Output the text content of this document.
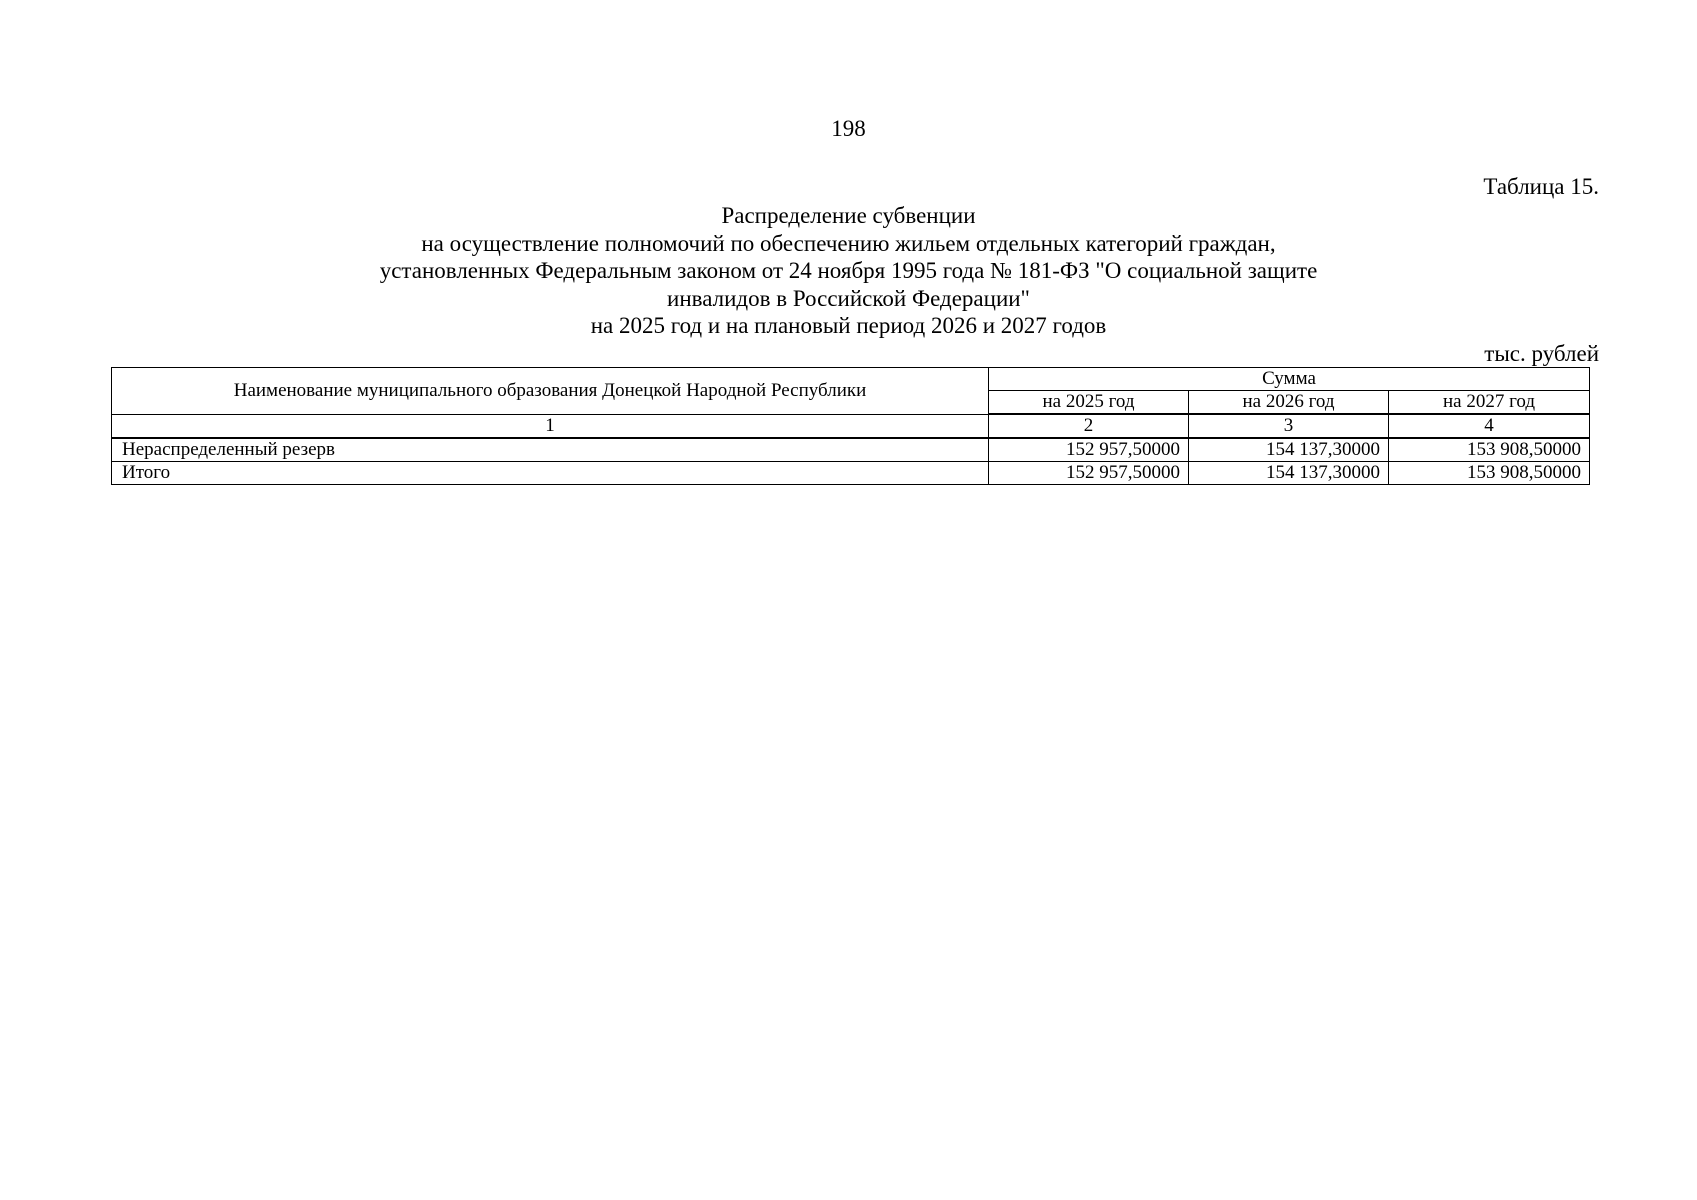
198
Таблица 15.
Распределение субвенции
на осуществление полномочий по обеспечению жильем отдельных категорий граждан,
установленных Федеральным законом от 24 ноября 1995 года № 181-ФЗ "О социальной защите
инвалидов в Российской Федерации"
на 2025 год и на плановый период 2026 и 2027 годов
тыс. рублей
Наименование муниципального образования Донецкой Народной Республики	Сумма		
	на 2025 год	на 2026 год	на 2027 год
1	2	3	4
Нераспределенный резерв	152 957,50000	154 137,30000	153 908,50000
Итого	152 957,50000	154 137,30000	153 908,50000
